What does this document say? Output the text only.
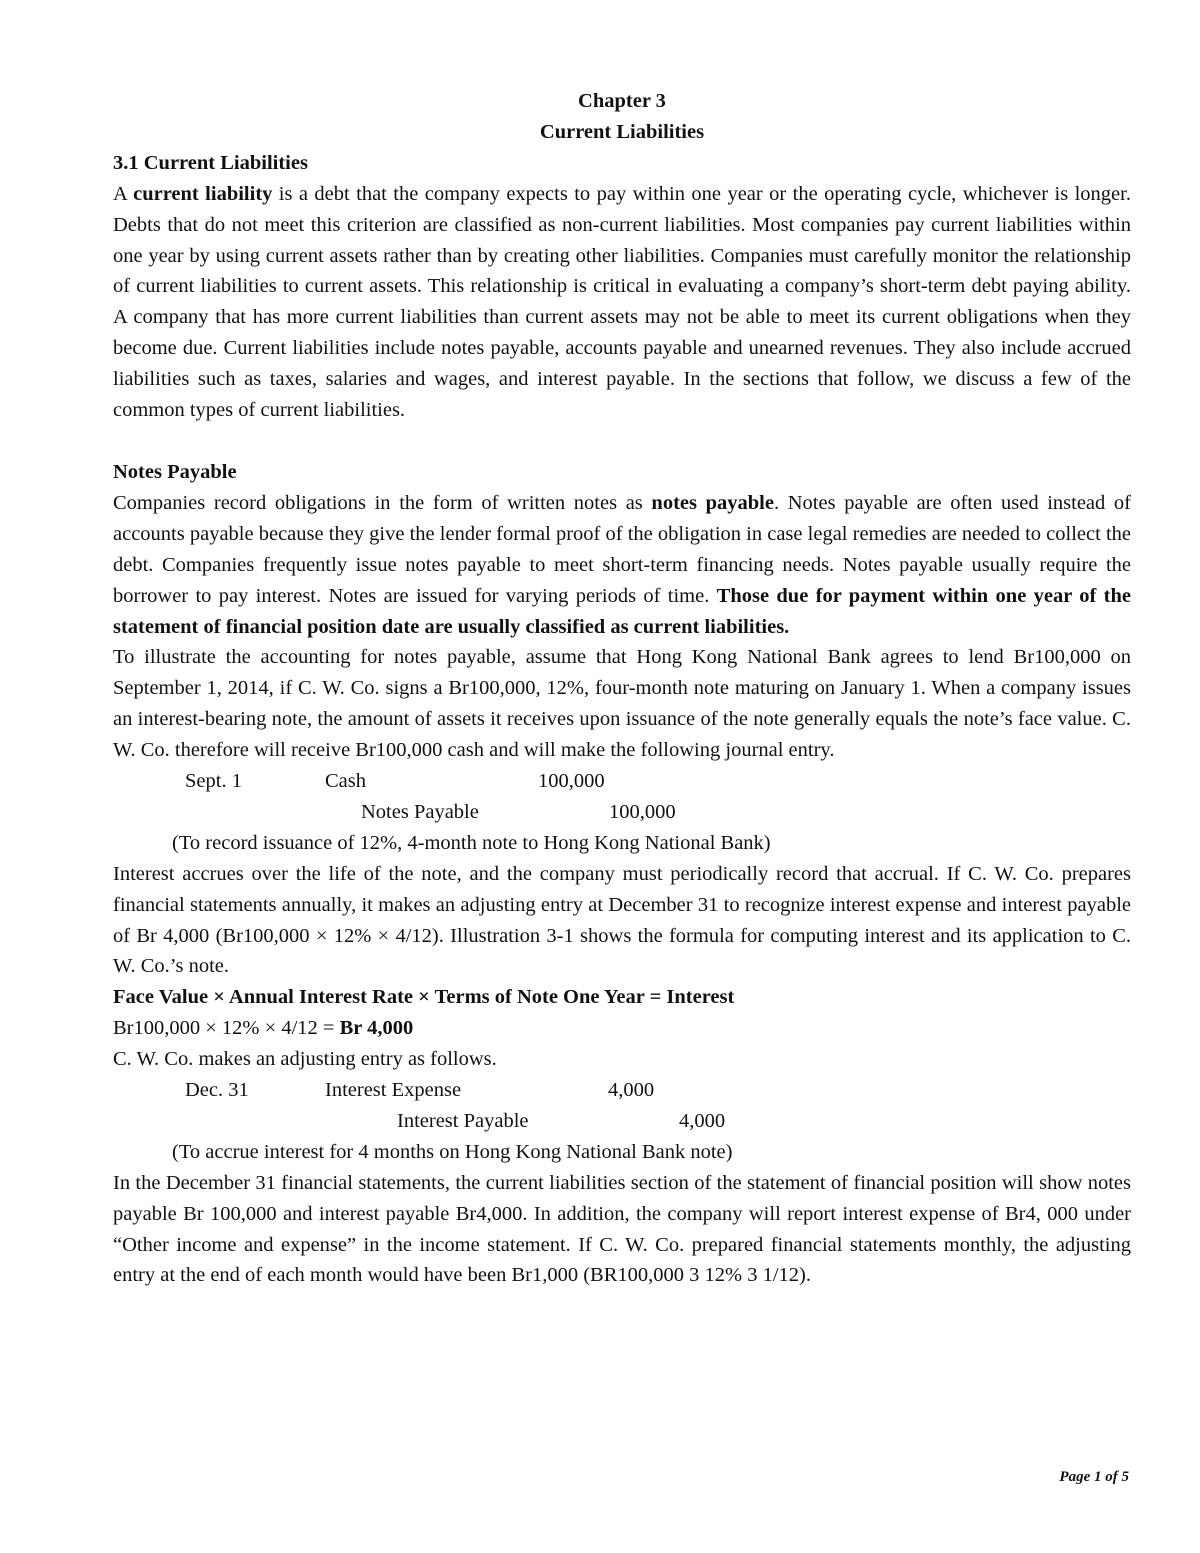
Chapter 3
Current Liabilities
3.1 Current Liabilities

A current liability is a debt that the company expects to pay within one year or the operating cycle, whichever is longer. Debts that do not meet this criterion are classified as non-current liabilities. Most companies pay current liabilities within one year by using current assets rather than by creating other liabilities. Companies must carefully monitor the relationship of current liabilities to current assets. This relationship is critical in evaluating a company’s short-term debt paying ability. A company that has more current liabilities than current assets may not be able to meet its current obligations when they become due. Current liabilities include notes payable, accounts payable and unearned revenues. They also include accrued liabilities such as taxes, salaries and wages, and interest payable. In the sections that follow, we discuss a few of the common types of current liabilities.

Notes Payable

Companies record obligations in the form of written notes as notes payable. Notes payable are often used instead of accounts payable because they give the lender formal proof of the obligation in case legal remedies are needed to collect the debt. Companies frequently issue notes payable to meet short-term financing needs. Notes payable usually require the borrower to pay interest. Notes are issued for varying periods of time. Those due for payment within one year of the statement of financial position date are usually classified as current liabilities.

To illustrate the accounting for notes payable, assume that Hong Kong National Bank agrees to lend Br100,000 on September 1, 2014, if C. W. Co. signs a Br100,000, 12%, four-month note maturing on January 1. When a company issues an interest-bearing note, the amount of assets it receives upon issuance of the note generally equals the note’s face value. C. W. Co. therefore will receive Br100,000 cash and will make the following journal entry.

Sept. 1	Cash	100,000
Notes Payable	100,000
(To record issuance of 12%, 4-month note to Hong Kong National Bank)

Interest accrues over the life of the note, and the company must periodically record that accrual. If C. W. Co. prepares financial statements annually, it makes an adjusting entry at December 31 to recognize interest expense and interest payable of Br 4,000 (Br100,000 × 12% × 4/12). Illustration 3-1 shows the formula for computing interest and its application to C. W. Co.’s note.

Face Value × Annual Interest Rate × Terms of Note One Year = Interest
Br100,000 × 12% × 4/12 = Br 4,000
C. W. Co. makes an adjusting entry as follows.
Dec. 31	Interest Expense	4,000
Interest Payable	4,000
(To accrue interest for 4 months on Hong Kong National Bank note)

In the December 31 financial statements, the current liabilities section of the statement of financial position will show notes payable Br 100,000 and interest payable Br4,000. In addition, the company will report interest expense of Br4, 000 under “Other income and expense” in the income statement. If C. W. Co. prepared financial statements monthly, the adjusting entry at the end of each month would have been Br1,000 (BR100,000 3 12% 3 1/12).

Page 1 of 5
